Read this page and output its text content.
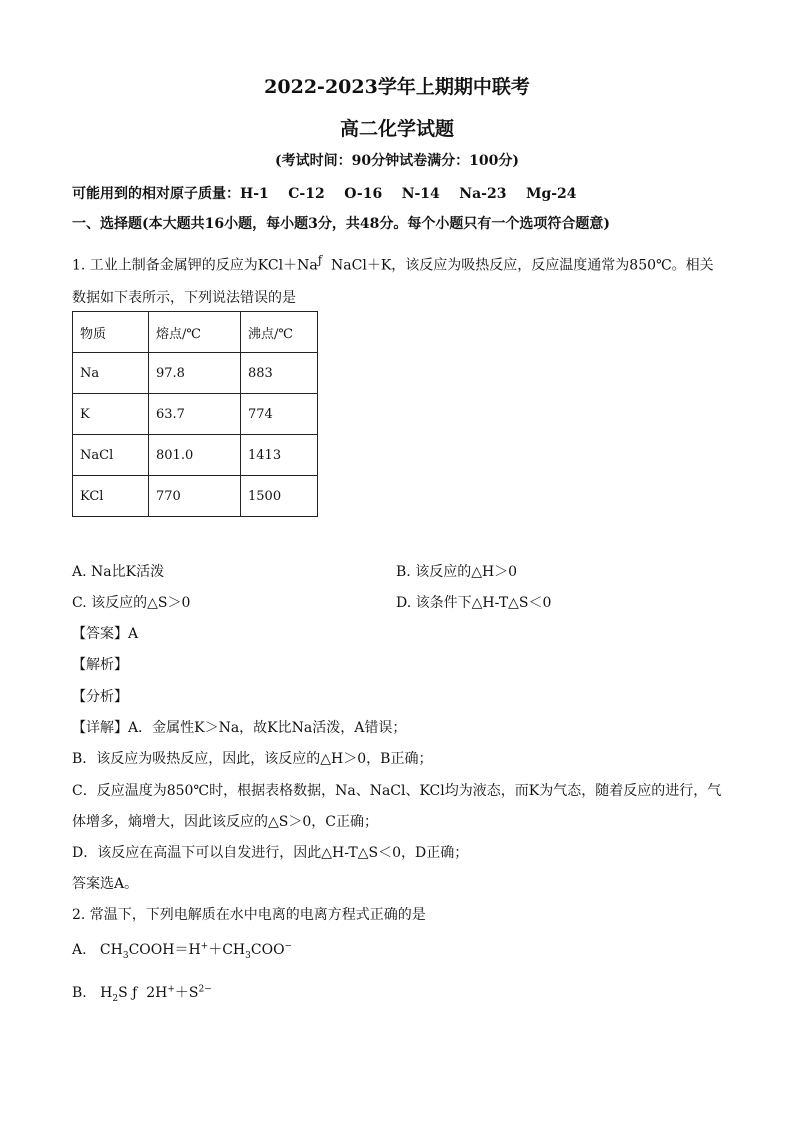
2022-2023学年上期期中联考
高二化学试题
(考试时间：90分钟试卷满分：100分)
可能用到的相对原子质量：H-1    C-12    O-16    N-14    Na-23    Mg-24
一、选择题(本大题共16小题，每小题3分，共48分。每个小题只有一个选项符合题意)
1. 工业上制备金属钾的反应为$KCl+Na^ƒ$ NaCl＋K，该反应为吸热反应，反应温度通常为850℃。相关
数据如下表所示，下列说法错误的是
物质	熔点/℃	沸点/℃
Na	97.8	883
K	63.7	774
NaCl	801.0	1413
KCl	770	1500
A. Na比K活泼	B. 该反应的△H＞0
C. 该反应的△S＞0	D. 该条件下△H-T△S＜0
【答案】A
【解析】
【分析】
【详解】A．金属性K＞Na，故K比Na活泼，A错误；
B．该反应为吸热反应，因此，该反应的△H＞0，B正确；
C．反应温度为850℃时，根据表格数据，Na、NaCl、KCl均为液态，而K为气态，随着反应的进行，气
体增多，熵增大，因此该反应的△S＞0，C正确；
D．该反应在高温下可以自发进行，因此△H-T△S＜0，D正确；
答案选A。
2. 常温下，下列电解质在水中电离的电离方程式正确的是
A. $CH_3COOH=H^++CH_3COO^-$
B. $H_2S$ ƒ $2H^++S^{2-}$
